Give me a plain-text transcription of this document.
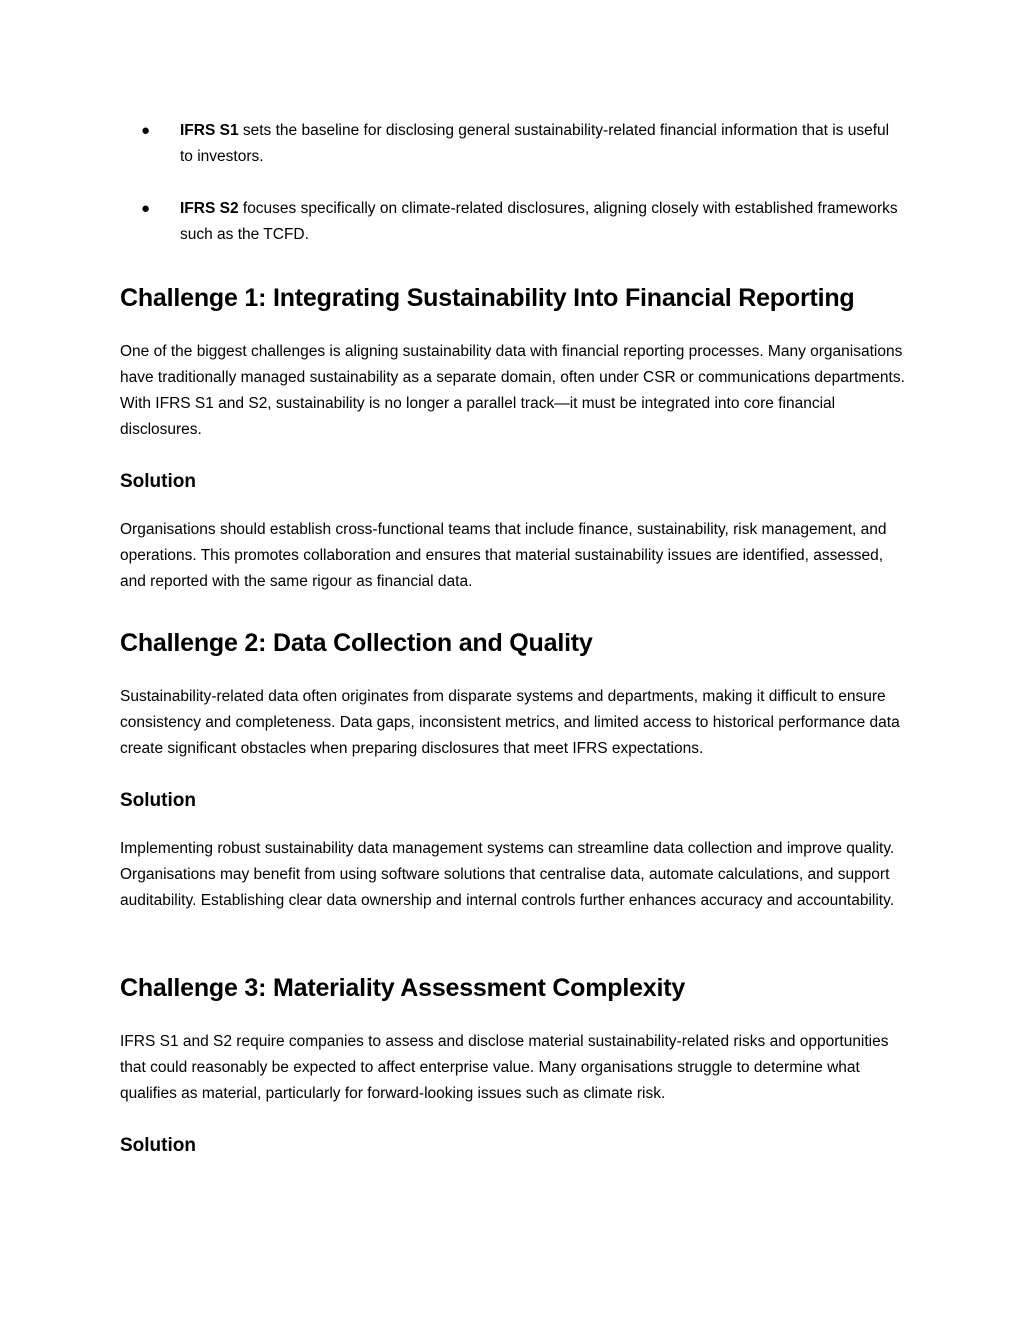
● IFRS S1 sets the baseline for disclosing general sustainability-related financial information that is useful to investors.
● IFRS S2 focuses specifically on climate-related disclosures, aligning closely with established frameworks such as the TCFD.
Challenge 1: Integrating Sustainability Into Financial Reporting

One of the biggest challenges is aligning sustainability data with financial reporting processes. Many organisations have traditionally managed sustainability as a separate domain, often under CSR or communications departments. With IFRS S1 and S2, sustainability is no longer a parallel track—it must be integrated into core financial disclosures.

Solution

Organisations should establish cross-functional teams that include finance, sustainability, risk management, and operations. This promotes collaboration and ensures that material sustainability issues are identified, assessed, and reported with the same rigour as financial data.

Challenge 2: Data Collection and Quality

Sustainability-related data often originates from disparate systems and departments, making it difficult to ensure consistency and completeness. Data gaps, inconsistent metrics, and limited access to historical performance data create significant obstacles when preparing disclosures that meet IFRS expectations.

Solution

Implementing robust sustainability data management systems can streamline data collection and improve quality. Organisations may benefit from using software solutions that centralise data, automate calculations, and support auditability. Establishing clear data ownership and internal controls further enhances accuracy and accountability.

Challenge 3: Materiality Assessment Complexity

IFRS S1 and S2 require companies to assess and disclose material sustainability-related risks and opportunities that could reasonably be expected to affect enterprise value. Many organisations struggle to determine what qualifies as material, particularly for forward-looking issues such as climate risk.

Solution
